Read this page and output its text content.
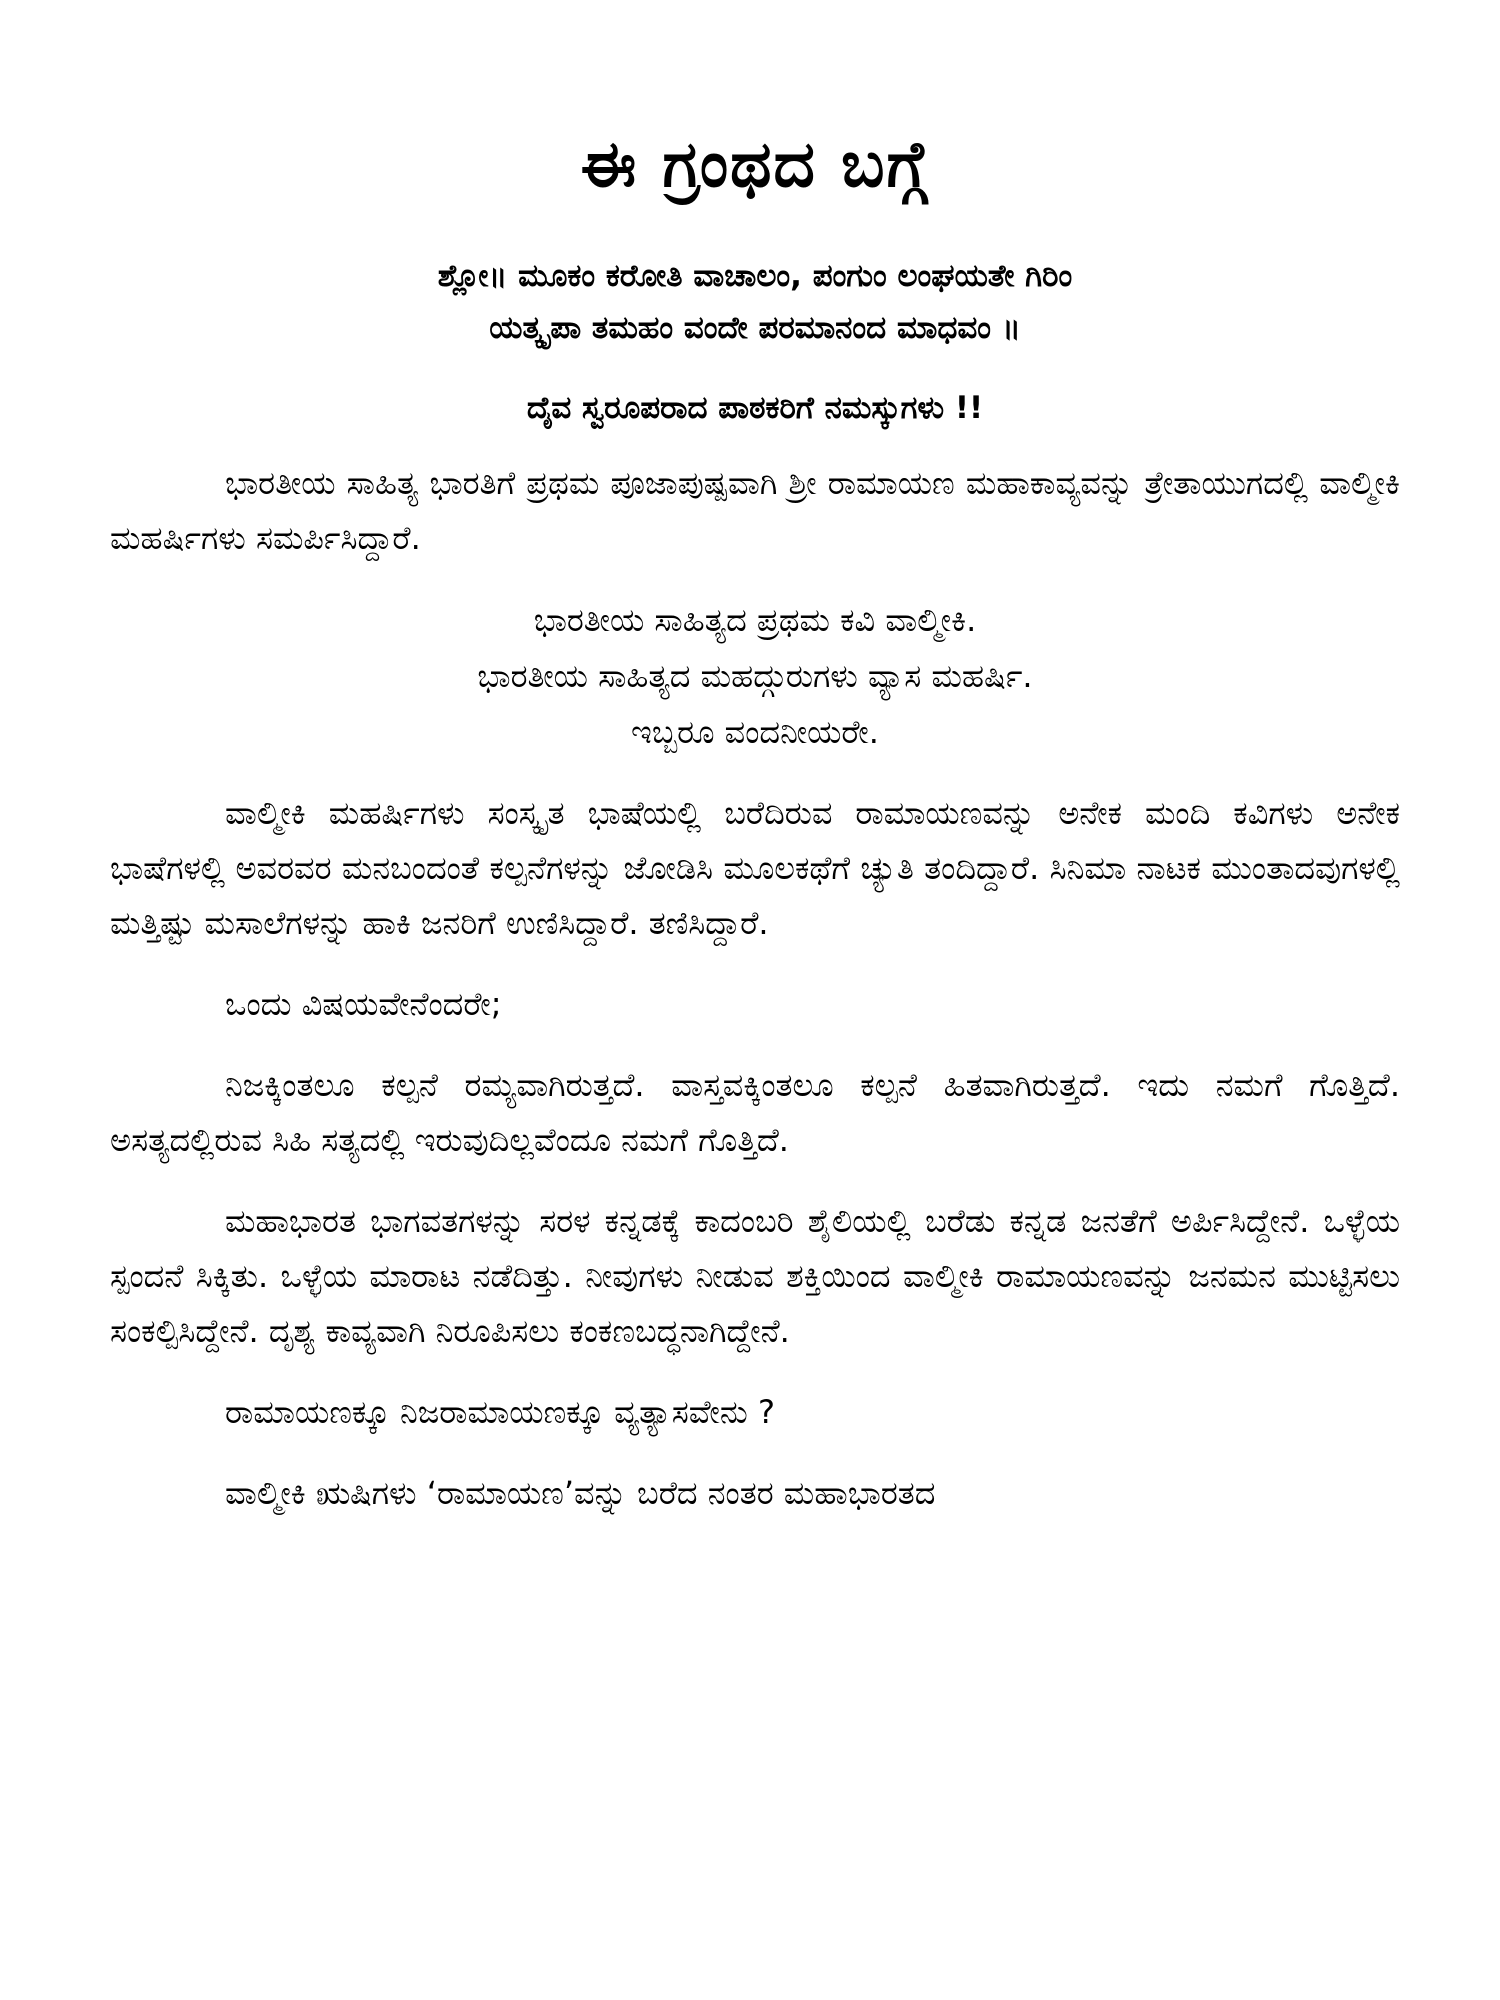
ಈ ಗ್ರಂಥದ ಬಗ್ಗೆ
ಶ್ಲೋ॥ ಮೂಕಂ ಕರೋತಿ ವಾಚಾಲಂ, ಪಂಗುಂ ಲಂಘಯತೇ ಗಿರಿಂ
ಯತ್ಕೃಪಾ ತಮಹಂ ವಂದೇ ಪರಮಾನಂದ ಮಾಧವಂ ॥
ದೈವ ಸ್ವರೂಪರಾದ ಪಾಠಕರಿಗೆ ನಮಸ್ಕುಗಳು !!

ಭಾರತೀಯ ಸಾಹಿತ್ಯ ಭಾರತಿಗೆ ಪ್ರಥಮ ಪೂಜಾಪುಷ್ಪವಾಗಿ ಶ್ರೀ ರಾಮಾಯಣ ಮಹಾಕಾವ್ಯವನ್ನು ತ್ರೇತಾಯುಗದಲ್ಲಿ ವಾಲ್ಮೀಕಿ ಮಹರ್ಷಿಗಳು ಸಮರ್ಪಿಸಿದ್ದಾರೆ.

ಭಾರತೀಯ ಸಾಹಿತ್ಯದ ಪ್ರಥಮ ಕವಿ ವಾಲ್ಮೀಕಿ.
ಭಾರತೀಯ ಸಾಹಿತ್ಯದ ಮಹದ್ಗುರುಗಳು ವ್ಯಾಸ ಮಹರ್ಷಿ.
ಇಬ್ಬರೂ ವಂದನೀಯರೇ.

ವಾಲ್ಮೀಕಿ ಮಹರ್ಷಿಗಳು ಸಂಸ್ಕೃತ ಭಾಷೆಯಲ್ಲಿ ಬರೆದಿರುವ ರಾಮಾಯಣವನ್ನು ಅನೇಕ ಮಂದಿ ಕವಿಗಳು ಅನೇಕ ಭಾಷೆಗಳಲ್ಲಿ ಅವರವರ ಮನಬಂದಂತೆ ಕಲ್ಪನೆಗಳನ್ನು ಜೋಡಿಸಿ ಮೂಲಕಥೆಗೆ ಚ್ಯುತಿ ತಂದಿದ್ದಾರೆ. ಸಿನಿಮಾ ನಾಟಕ ಮುಂತಾದವುಗಳಲ್ಲಿ ಮತ್ತಿಷ್ಟು ಮಸಾಲೆಗಳನ್ನು ಹಾಕಿ ಜನರಿಗೆ ಉಣಿಸಿದ್ದಾರೆ. ತಣಿಸಿದ್ದಾರೆ.

ಒಂದು ವಿಷಯವೇನೆಂದರೇ;

ನಿಜಕ್ಕಿಂತಲೂ ಕಲ್ಪನೆ ರಮ್ಯವಾಗಿರುತ್ತದೆ. ವಾಸ್ತವಕ್ಕಿಂತಲೂ ಕಲ್ಪನೆ ಹಿತವಾಗಿರುತ್ತದೆ. ಇದು ನಮಗೆ ಗೊತ್ತಿದೆ. ಅಸತ್ಯದಲ್ಲಿರುವ ಸಿಹಿ ಸತ್ಯದಲ್ಲಿ ಇರುವುದಿಲ್ಲವೆಂದೂ ನಮಗೆ ಗೊತ್ತಿದೆ.

ಮಹಾಭಾರತ ಭಾಗವತಗಳನ್ನು ಸರಳ ಕನ್ನಡಕ್ಕೆ ಕಾದಂಬರಿ ಶೈಲಿಯಲ್ಲಿ ಬರೆಡು ಕನ್ನಡ ಜನತೆಗೆ ಅರ್ಪಿಸಿದ್ದೇನೆ. ಒಳ್ಳೆಯ ಸ್ಪಂದನೆ ಸಿಕ್ಕಿತು. ಒಳ್ಳೆಯ ಮಾರಾಟ ನಡೆದಿತ್ತು. ನೀವುಗಳು ನೀಡುವ ಶಕ್ತಿಯಿಂದ ವಾಲ್ಮೀಕಿ ರಾಮಾಯಣವನ್ನು ಜನಮನ ಮುಟ್ಟಿಸಲು ಸಂಕಲ್ಪಿಸಿದ್ದೇನೆ. ದೃಶ್ಯ ಕಾವ್ಯವಾಗಿ ನಿರೂಪಿಸಲು ಕಂಕಣಬದ್ಧನಾಗಿದ್ದೇನೆ.

ರಾಮಾಯಣಕ್ಕೂ ನಿಜರಾಮಾಯಣಕ್ಕೂ ವ್ಯತ್ಯಾಸವೇನು ?

ವಾಲ್ಮೀಕಿ ಋಷಿಗಳು ‘ರಾಮಾಯಣ’ವನ್ನು ಬರೆದ ನಂತರ ಮಹಾಭಾರತದ
